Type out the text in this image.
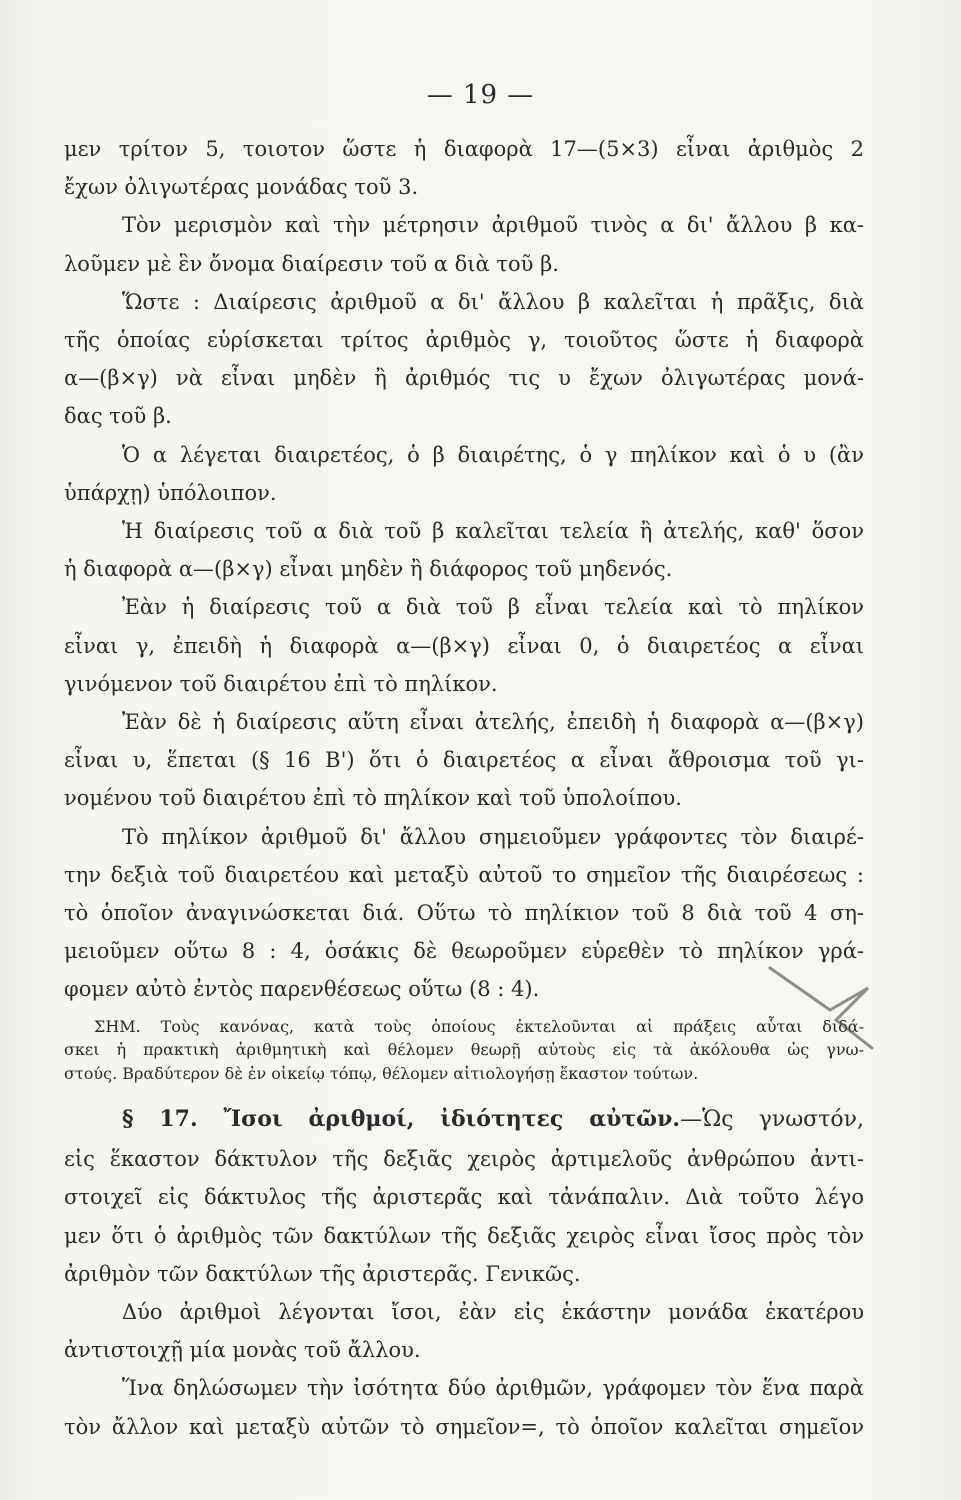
— 19 —
μεν τρίτον 5, τοιοτον ὥστε ἡ διαφορὰ 17—(5×3) εἶναι ἀριθμὸς 2
ἔχων ὀλιγωτέρας μονάδας τοῦ 3.
Τὸν μερισμὸν καὶ τὴν μέτρησιν ἀριθμοῦ τινὸς α δι' ἄλλου β κα-
λοῦμεν μὲ ἓν ὄνομα διαίρεσιν τοῦ α διὰ τοῦ β.
Ὥστε : Διαίρεσις ἀριθμοῦ α δι' ἄλλου β καλεῖται ἡ πρᾶξις, διὰ
τῆς ὁποίας εὑρίσκεται τρίτος ἀριθμὸς γ, τοιοῦτος ὥστε ἡ διαφορὰ
α—(β×γ) νὰ εἶναι μηδὲν ἢ ἀριθμός τις υ ἔχων ὀλιγωτέρας μονά-
δας τοῦ β.
Ὁ α λέγεται διαιρετέος, ὁ β διαιρέτης, ὁ γ πηλίκον καὶ ὁ υ (ἂν
ὑπάρχῃ) ὑπόλοιπον.
Ἡ διαίρεσις τοῦ α διὰ τοῦ β καλεῖται τελεία ἢ ἀτελής, καθ' ὅσον
ἡ διαφορὰ α—(β×γ) εἶναι μηδὲν ἢ διάφορος τοῦ μηδενός.
Ἐὰν ἡ διαίρεσις τοῦ α διὰ τοῦ β εἶναι τελεία καὶ τὸ πηλίκον
εἶναι γ, ἐπειδὴ ἡ διαφορὰ α—(β×γ) εἶναι 0, ὁ διαιρετέος α εἶναι
γινόμενον τοῦ διαιρέτου ἐπὶ τὸ πηλίκον.
Ἐὰν δὲ ἡ διαίρεσις αὕτη εἶναι ἀτελής, ἐπειδὴ ἡ διαφορὰ α—(β×γ)
εἶναι υ, ἕπεται (§ 16 Β') ὅτι ὁ διαιρετέος α εἶναι ἄθροισμα τοῦ γι-
νομένου τοῦ διαιρέτου ἐπὶ τὸ πηλίκον καὶ τοῦ ὑπολοίπου.
Τὸ πηλίκον ἀριθμοῦ δι' ἄλλου σημειοῦμεν γράφοντες τὸν διαιρέ-
την δεξιὰ τοῦ διαιρετέου καὶ μεταξὺ αὐτοῦ το σημεῖον τῆς διαιρέσεως :
τὸ ὁποῖον ἀναγινώσκεται διά. Οὕτω τὸ πηλίκιον τοῦ 8 διὰ τοῦ 4 ση-
μειοῦμεν οὕτω 8 : 4, ὁσάκις δὲ θεωροῦμεν εὑρεθὲν τὸ πηλίκον γρά-
φομεν αὐτὸ ἐντὸς παρενθέσεως οὕτω (8 : 4).
ΣΗΜ. Τοὺς κανόνας, κατὰ τοὺς ὁποίους ἐκτελοῦνται αἱ πράξεις αὗται διδά-
σκει ἡ πρακτικὴ ἀριθμητικὴ καὶ θέλομεν θεωρῇ αὐτοὺς εἰς τὰ ἀκόλουθα ὡς γνω-
στούς. Βραδύτερον δὲ ἐν οἰκείῳ τόπῳ, θέλομεν αἰτιολογήσῃ ἕκαστον τούτων.
§ 17. Ἴσοι ἀριθμοί, ἰδιότητες αὐτῶν.—Ὡς γνωστόν,
εἰς ἕκαστον δάκτυλον τῆς δεξιᾶς χειρὸς ἀρτιμελοῦς ἀνθρώπου ἀντι-
στοιχεῖ εἰς δάκτυλος τῆς ἀριστερᾶς καὶ τἀνάπαλιν. Διὰ τοῦτο λέγο
μεν ὅτι ὁ ἀριθμὸς τῶν δακτύλων τῆς δεξιᾶς χειρὸς εἶναι ἴσος πρὸς τὸν
ἀριθμὸν τῶν δακτύλων τῆς ἀριστερᾶς. Γενικῶς.
Δύο ἀριθμοὶ λέγονται ἴσοι, ἐὰν εἰς ἑκάστην μονάδα ἑκατέρου
ἀντιστοιχῇ μία μονὰς τοῦ ἄλλου.
Ἵνα δηλώσωμεν τὴν ἰσότητα δύο ἀριθμῶν, γράφομεν τὸν ἕνα παρὰ
τὸν ἄλλον καὶ μεταξὺ αὐτῶν τὸ σημεῖον=, τὸ ὁποῖον καλεῖται σημεῖον
